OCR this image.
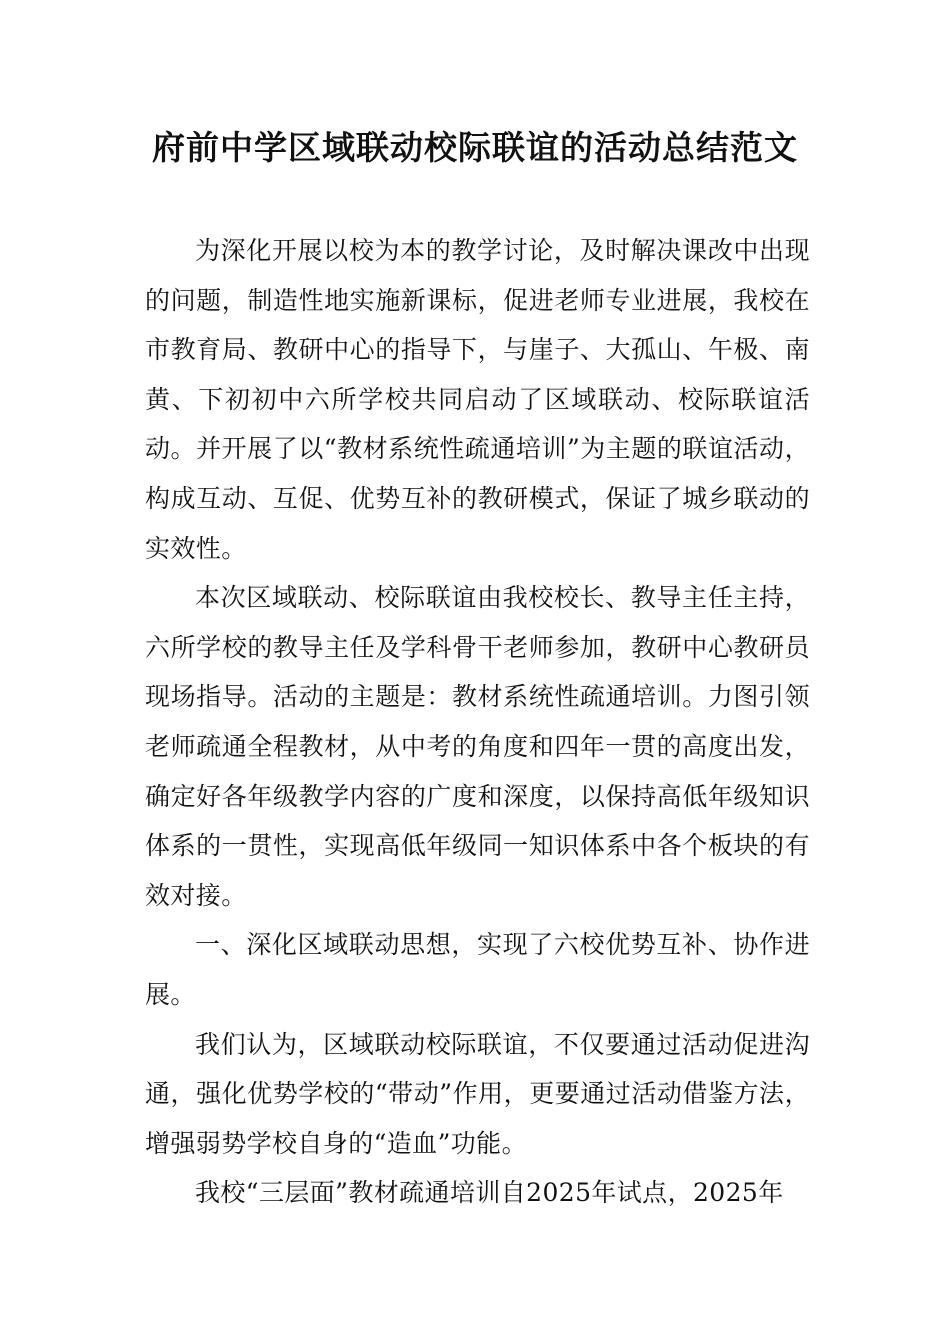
府前中学区域联动校际联谊的活动总结范文

为深化开展以校为本的教学讨论，及时解决课改中出现的问题，制造性地实施新课标，促进老师专业进展，我校在市教育局、教研中心的指导下，与崖子、大孤山、午极、南黄、下初初中六所学校共同启动了区域联动、校际联谊活动。并开展了以“教材系统性疏通培训”为主题的联谊活动，构成互动、互促、优势互补的教研模式，保证了城乡联动的实效性。

本次区域联动、校际联谊由我校校长、教导主任主持，六所学校的教导主任及学科骨干老师参加，教研中心教研员现场指导。活动的主题是：教材系统性疏通培训。力图引领老师疏通全程教材，从中考的角度和四年一贯的高度出发，确定好各年级教学内容的广度和深度，以保持高低年级知识体系的一贯性，实现高低年级同一知识体系中各个板块的有效对接。

一、深化区域联动思想，实现了六校优势互补、协作进展。

我们认为，区域联动校际联谊，不仅要通过活动促进沟通，强化优势学校的“带动”作用，更要通过活动借鉴方法，增强弱势学校自身的“造血”功能。

我校“三层面”教材疏通培训自2025年试点，2025年
